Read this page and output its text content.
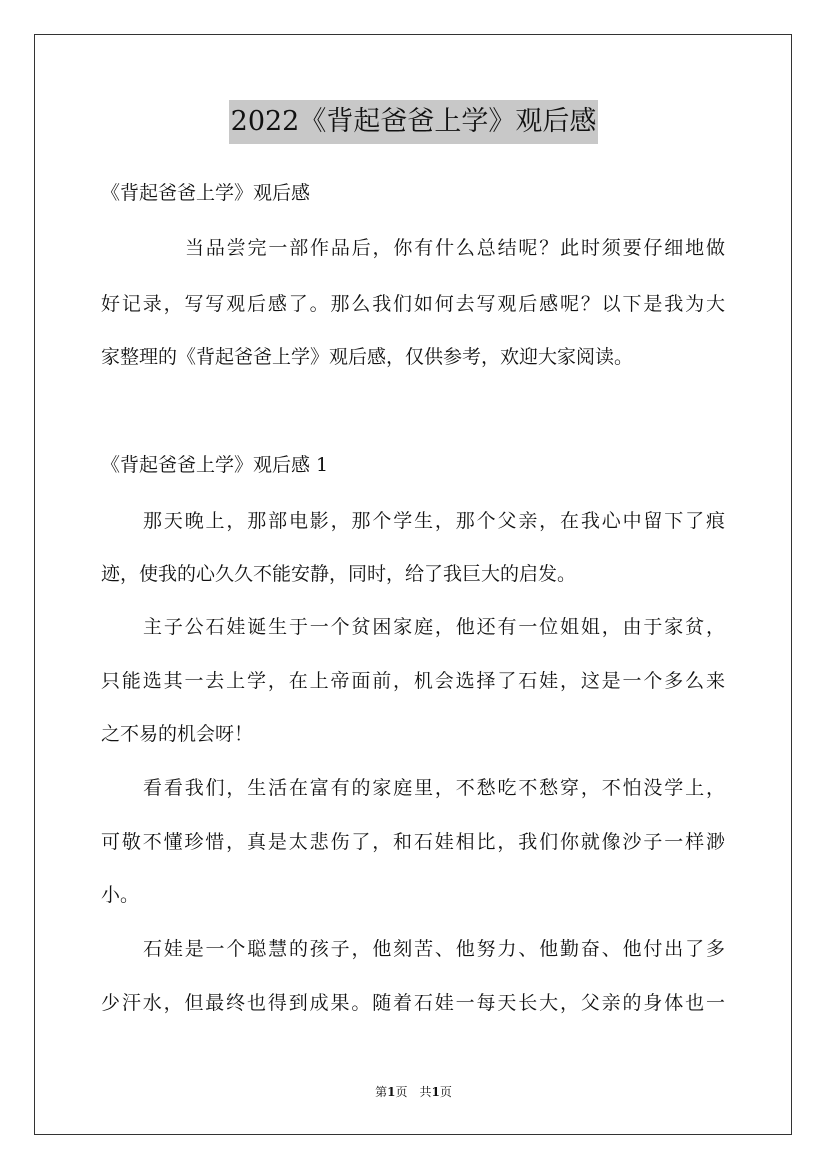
2022《背起爸爸上学》观后感
《背起爸爸上学》观后感
当品尝完一部作品后，你有什么总结呢？此时须要仔细地做
好记录，写写观后感了。那么我们如何去写观后感呢？以下是我为大
家整理的《背起爸爸上学》观后感，仅供参考，欢迎大家阅读。
《背起爸爸上学》观后感 1
那天晚上，那部电影，那个学生，那个父亲，在我心中留下了痕
迹，使我的心久久不能安静，同时，给了我巨大的启发。
主子公石娃诞生于一个贫困家庭，他还有一位姐姐，由于家贫，
只能选其一去上学，在上帝面前，机会选择了石娃，这是一个多么来
之不易的机会呀！
看看我们，生活在富有的家庭里，不愁吃不愁穿，不怕没学上，
可敬不懂珍惜，真是太悲伤了，和石娃相比，我们你就像沙子一样渺
小。
石娃是一个聪慧的孩子，他刻苦、他努力、他勤奋、他付出了多
少汗水，但最终也得到成果。随着石娃一每天长大，父亲的身体也一
第1页　共1页
